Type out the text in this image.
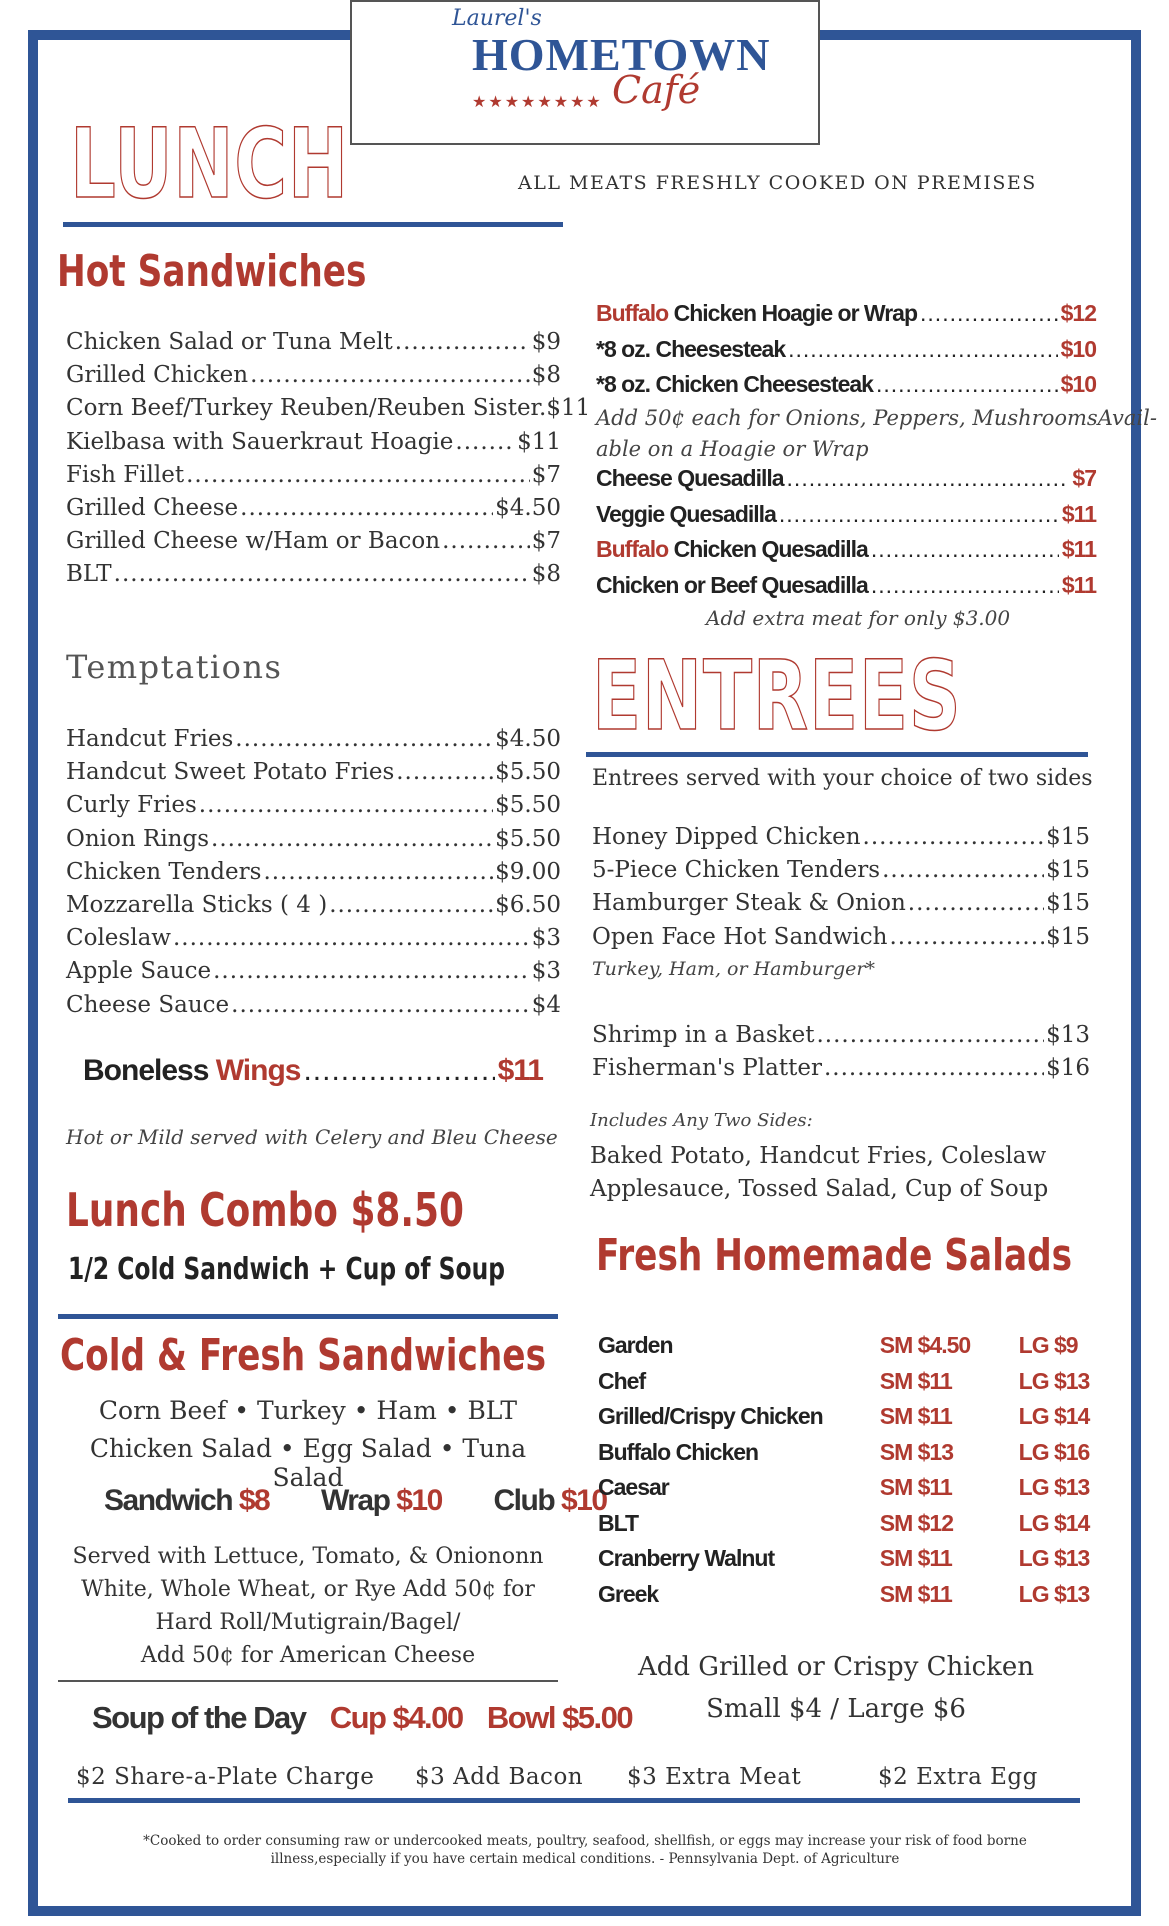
Laurel's
HOMETOWN
★★★★★★★★ Café
LUNCH	ALL MEATS FRESHLY COOKED ON PREMISES
Hot Sandwiches
Chicken Salad or Tuna Melt .....	$9
Grilled Chicken .....	$8
Corn Beef/Turkey Reuben/Reuben Sister. $11
Kielbasa with Sauerkraut Hoagie .....	$11
Fish Fillet .....	$7
Grilled Cheese .....	$4.50
Grilled Cheese w/Ham or Bacon .....	$7
BLT .....	$8
Temptations
Handcut Fries .....	$4.50
Handcut Sweet Potato Fries .....	$5.50
Curly Fries .....	$5.50
Onion Rings .....	$5.50
Chicken Tenders .....	$9.00
Mozzarella Sticks ( 4 ) .....	$6.50
Coleslaw .....	$3
Apple Sauce .....	$3
Cheese Sauce .....	$4
Boneless Wings .....	$11
Hot or Mild served with Celery and Bleu Cheese
Lunch Combo $8.50
1/2 Cold Sandwich + Cup of Soup
Cold & Fresh Sandwiches
Corn Beef • Turkey • Ham • BLT
Chicken Salad • Egg Salad • Tuna Salad
Sandwich $8 Wrap $10 Club $10
Served with Lettuce, Tomato, & Oniononn
White, Whole Wheat, or Rye Add 50¢ for
Hard Roll/Mutigrain/Bagel/
Add 50¢ for American Cheese
Soup of the Day Cup $4.00 Bowl $5.00
$2 Share-a-Plate Charge $3 Add Bacon $3 Extra Meat	$2 Extra Egg
Buffalo Chicken Hoagie or Wrap .....	$12
*8 oz. Cheesesteak .....	$10
*8 oz. Chicken Cheesesteak .....	$10
Add 50¢ each for Onions, Peppers, MushroomsAvail-
able on a Hoagie or Wrap
Cheese Quesadilla .....	$7
Veggie Quesadilla .....	$11
Buffalo Chicken Quesadilla .....	$11
Chicken or Beef Quesadilla .....	$11
Add extra meat for only $3.00
ENTREES
Entrees served with your choice of two sides
Honey Dipped Chicken .....	$15
5-Piece Chicken Tenders .....	$15
Hamburger Steak & Onion .....	$15
Open Face Hot Sandwich .....	$15
Turkey, Ham, or Hamburger*
Shrimp in a Basket .....	$13
Fisherman's Platter .....	$16
Includes Any Two Sides:
Baked Potato, Handcut Fries, Coleslaw
Applesauce, Tossed Salad, Cup of Soup
Fresh Homemade Salads
Garden	SM $4.50	LG $9
Chef	SM $11	LG $13
Grilled/Crispy Chicken	SM $11	LG $14
Buffalo Chicken	SM $13	LG $16
Caesar	SM $11	LG $13
BLT	SM $12	LG $14
Cranberry Walnut	SM $11	LG $13
Greek	SM $11	LG $13
Add Grilled or Crispy Chicken
Small $4 / Large $6
*Cooked to order consuming raw or undercooked meats, poultry, seafood, shellfish, or eggs may increase your risk of food borne
illness,especially if you have certain medical conditions. - Pennsylvania Dept. of Agriculture
